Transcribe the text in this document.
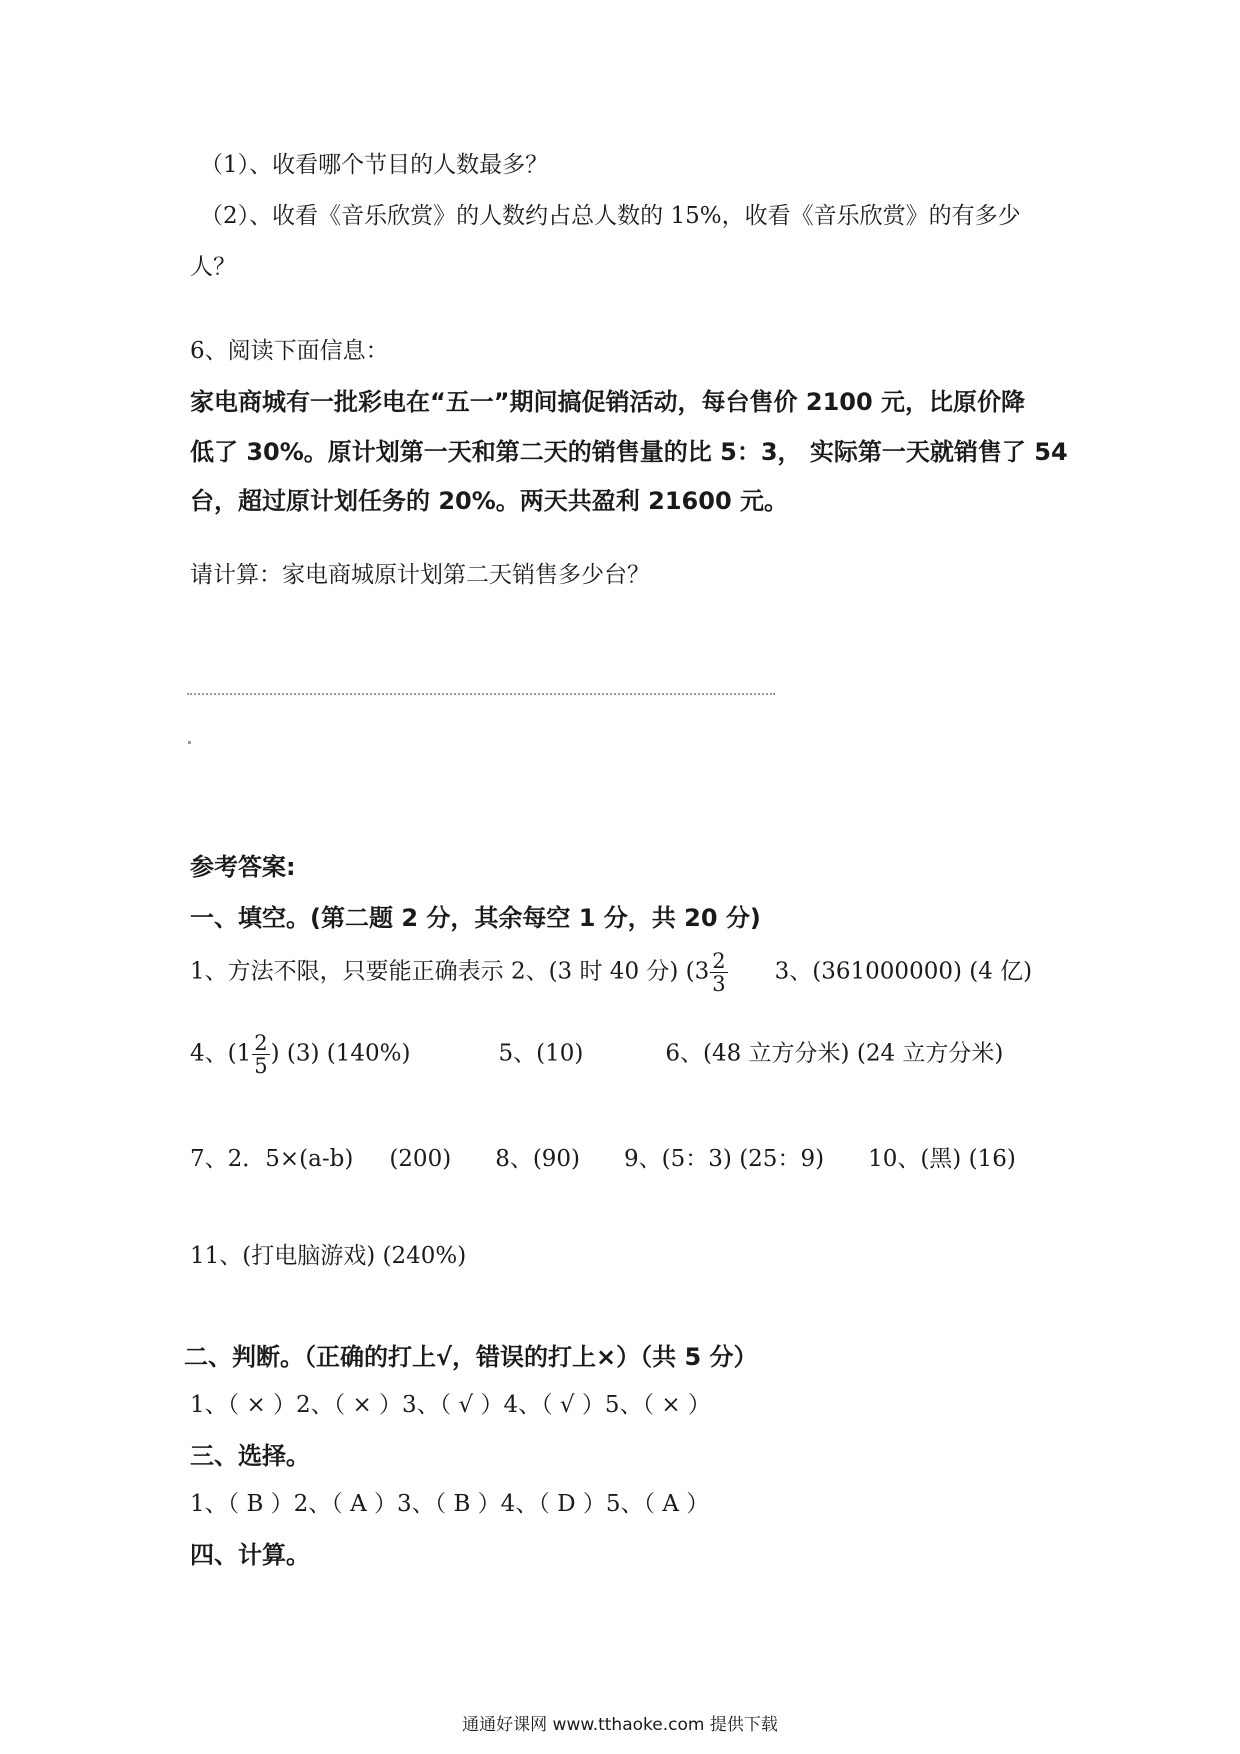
（1）、收看哪个节目的人数最多？
（2）、收看《音乐欣赏》的人数约占总人数的 15%，收看《音乐欣赏》的有多少
人？
6、阅读下面信息：
家电商城有一批彩电在“五一”期间搞促销活动，每台售价 2100 元，比原价降
低了 30%。原计划第一天和第二天的销售量的比 5：3， 实际第一天就销售了 54
台，超过原计划任务的 20%。两天共盈利 21600 元。
请计算：家电商城原计划第二天销售多少台？
参考答案:
一、填空。(第二题 2 分，其余每空 1 分，共 20 分)
1、方法不限，只要能正确表示 2、(3 时 40 分) ($3 \frac{2}{3} 3$、(361000000) (4 亿)
4、($1 \frac{2}{5}$ ) (3) (140%)	5、(10)	6、(48 立方分米) (24 立方分米)
7、2．5×(a-b) (200) 8、(90) 9、(5：3) (25：9) 10、(黑) (16)
11、(打电脑游戏) (240%)
二、判断。（正确的打上√，错误的打上×）（共 5 分）
1、（ × ）2、（ × ）3、（ √ ）4、（ √ ）5、（ × ）
三、选择。
1、（ B ）2、（ A ）3、（ B ）4、（ D ）5、（ A ）
四、计算。
通通好课网 www.tthaoke.com 提供下载
